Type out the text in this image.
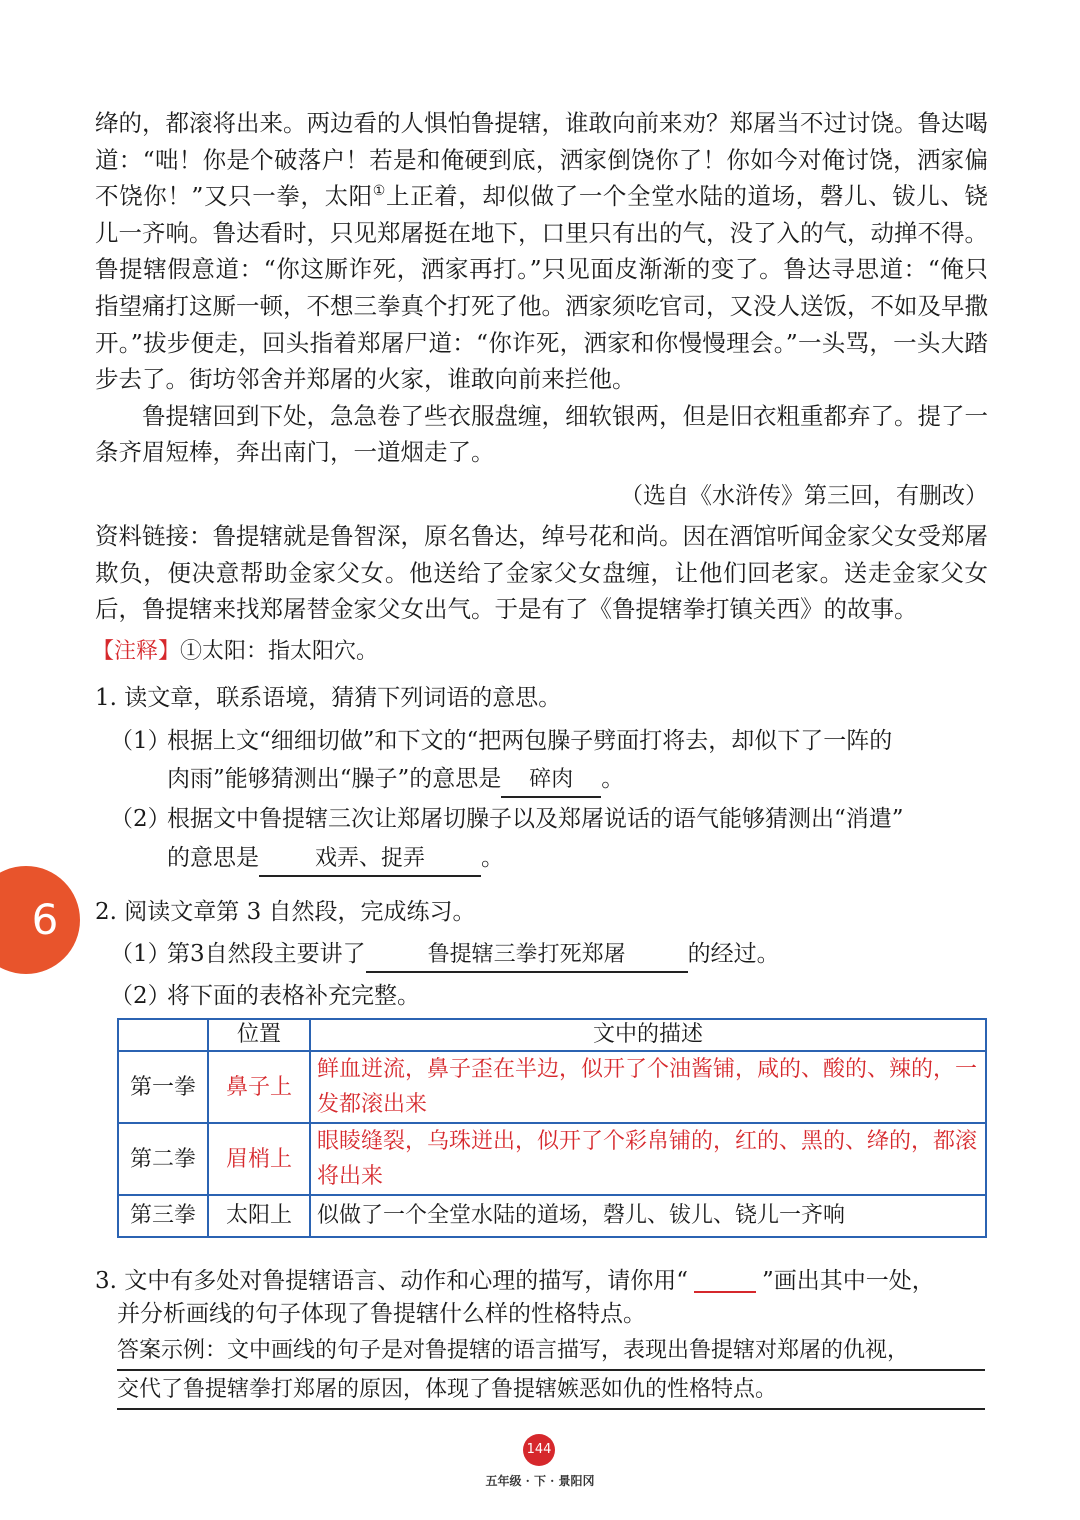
绛的，都滚将出来。两边看的人惧怕鲁提辖，谁敢向前来劝？郑屠当不过讨饶。鲁达喝道：“咄！你是个破落户！若是和俺硬到底，洒家倒饶你了！你如今对俺讨饶，洒家偏不饶你！”又只一拳，太阳①上正着，却似做了一个全堂水陆的道场，磬儿、钹儿、铙儿一齐响。鲁达看时，只见郑屠挺在地下，口里只有出的气，没了入的气，动掸不得。鲁提辖假意道：“你这厮诈死，洒家再打。”只见面皮渐渐的变了。鲁达寻思道：“俺只指望痛打这厮一顿，不想三拳真个打死了他。洒家须吃官司，又没人送饭，不如及早撒开。”拔步便走，回头指着郑屠尸道：“你诈死，洒家和你慢慢理会。”一头骂，一头大踏步去了。街坊邻舍并郑屠的火家，谁敢向前来拦他。

鲁提辖回到下处，急急卷了些衣服盘缠，细软银两，但是旧衣粗重都弃了。提了一条齐眉短棒，奔出南门，一道烟走了。

（选自《水浒传》第三回，有删改）
资料链接：鲁提辖就是鲁智深，原名鲁达，绰号花和尚。因在酒馆听闻金家父女受郑屠欺负，便决意帮助金家父女。他送给了金家父女盘缠，让他们回老家。送走金家父女后，鲁提辖来找郑屠替金家父女出气。于是有了《鲁提辖拳打镇关西》的故事。
【注释】①太阳：指太阳穴。
1. 读文章，联系语境，猜猜下列词语的意思。
（1）
根据上文“细细切做”和下文的“把两包臊子劈面打将去，却似下了一阵的
肉雨”能够猜测出“臊子”的意思是 碎肉 。
（2）
根据文中鲁提辖三次让郑屠切臊子以及郑屠说话的语气能够猜测出“消遣”
的意思是	戏弄、捉弄 。
6	2. 阅读文章第 3 自然段，完成练习。
（1）
第3自然段主要讲了	鲁提辖三拳打死郑屠	的经过。
（2）
将下面的表格补充完整。
	位置	文中的描述
第一拳	鼻子上	鲜血迸流，鼻子歪在半边，似开了个油酱铺，咸的、酸的、辣的，一发都滚出来
第二拳	眉梢上	眼睖缝裂，乌珠迸出，似开了个彩帛铺的，红的、黑的、绛的，都滚将出来
第三拳	太阳上	似做了一个全堂水陆的道场，磬儿、钹儿、铙儿一齐响
3. 文中有多处对鲁提辖语言、动作和心理的描写，请你用“	”画出其中一处，
并分析画线的句子体现了鲁提辖什么样的性格特点。
答案示例：文中画线的句子是对鲁提辖的语言描写，表现出鲁提辖对郑屠的仇视，
交代了鲁提辖拳打郑屠的原因，体现了鲁提辖嫉恶如仇的性格特点。
144
五年级 · 下 · 景阳冈
